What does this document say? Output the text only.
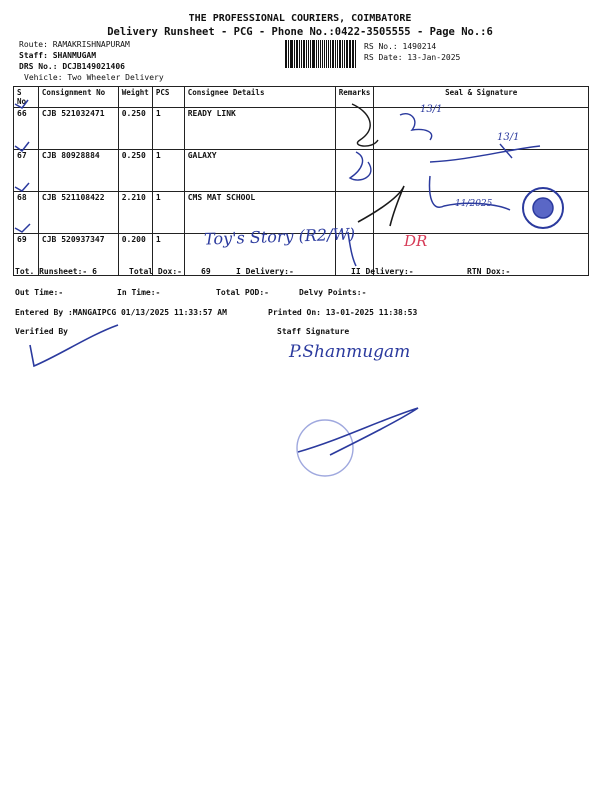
THE PROFESSIONAL COURIERS, COIMBATORE
Delivery Runsheet - PCG - Phone No.:0422-3505555 - Page No.:6
Route: RAMAKRISHNAPURAM
Staff: SHANMUGAM
DRS No.: DCJB149021406
Vehicle: Two Wheeler Delivery
RS No.: 1490214
RS Date: 13-Jan-2025
S No	Consignment No	Weight	PCS	Consignee Details	Remarks	Seal & Signature
66	CJB 521032471	0.250	1	READY LINK		
67	CJB 80928884	0.250	1	GALAXY		
68	CJB 521108422	2.210	1	CMS MAT SCHOOL		
69	CJB 520937347	0.200	1			
Tot. Runsheet:- 6	Total Dox:- 69	I Delivery:-	II Delivery:-	RTN Dox:-
Out Time:-	In Time:-	Total POD:-	Delvy Points:-
Entered By :MANGAIPCG 01/13/2025 11:33:57 AM	Printed On: 13-01-2025 11:38:53
Verified By	Staff Signature
Toy's Story (R2/W)	DR
11/2025
P.Shanmugam
13/1
13/1
